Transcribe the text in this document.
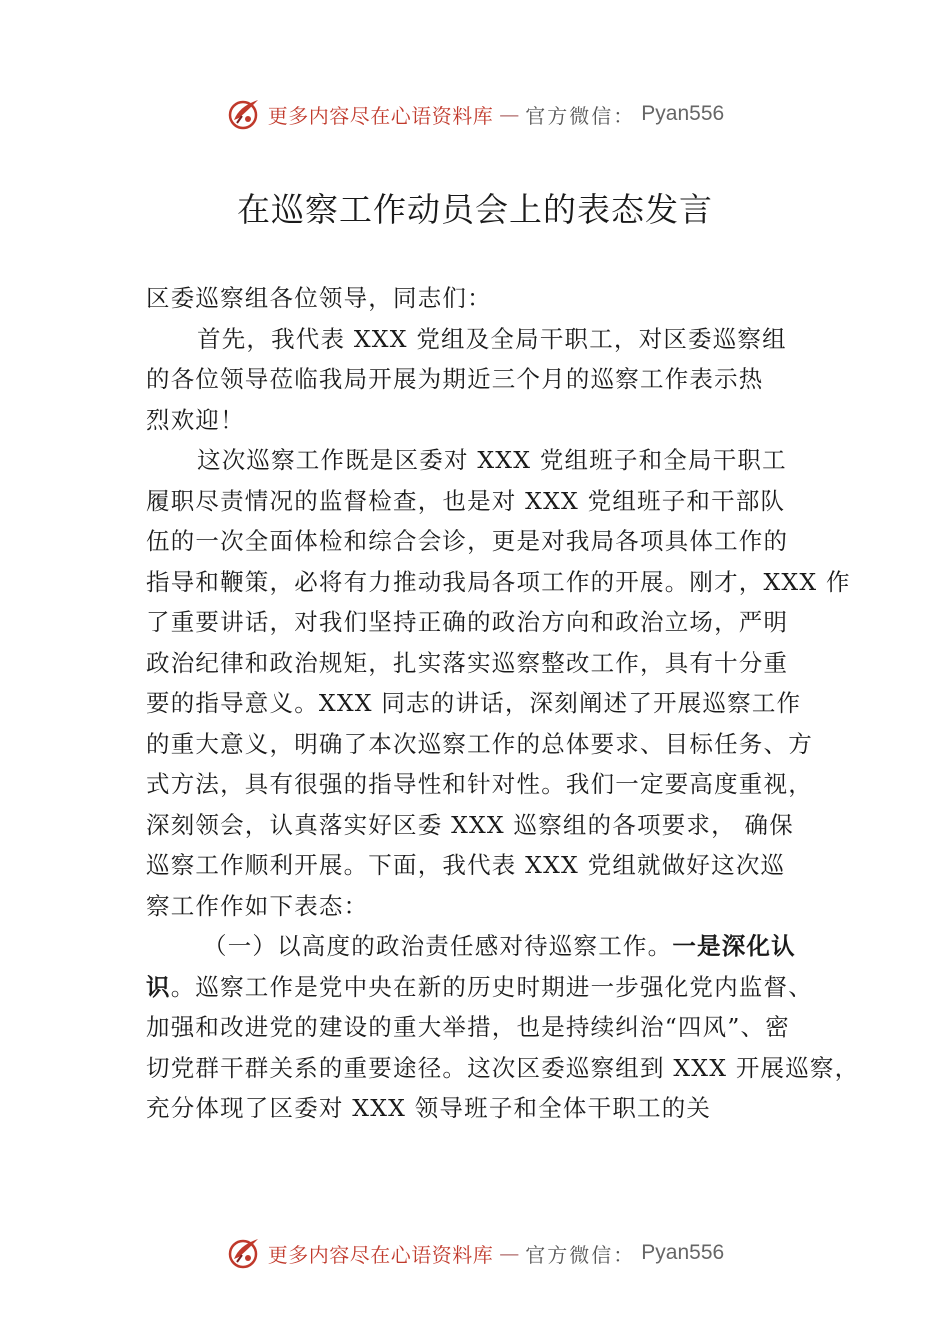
更多内容尽在心语资料库 — 官方微信： Pyan556
在巡察工作动员会上的表态发言
区委巡察组各位领导，同志们：
首先，我代表 XXX 党组及全局干职工，对区委巡察组
的各位领导莅临我局开展为期近三个月的巡察工作表示热
烈欢迎！
这次巡察工作既是区委对 XXX 党组班子和全局干职工
履职尽责情况的监督检查，也是对 XXX 党组班子和干部队
伍的一次全面体检和综合会诊，更是对我局各项具体工作的
指导和鞭策，必将有力推动我局各项工作的开展。刚才，XXX 作
了重要讲话，对我们坚持正确的政治方向和政治立场，严明
政治纪律和政治规矩，扎实落实巡察整改工作，具有十分重
要的指导意义。XXX 同志的讲话，深刻阐述了开展巡察工作
的重大意义，明确了本次巡察工作的总体要求、目标任务、方
式方法，具有很强的指导性和针对性。我们一定要高度重视，
深刻领会，认真落实好区委 XXX 巡察组的各项要求， 确保
巡察工作顺利开展。下面，我代表 XXX 党组就做好这次巡
察工作作如下表态：
（一）以高度的政治责任感对待巡察工作。一是深化认
识。巡察工作是党中央在新的历史时期进一步强化党内监督、
加强和改进党的建设的重大举措，也是持续纠治“四风”、密
切党群干群关系的重要途径。这次区委巡察组到 XXX 开展巡察，
充分体现了区委对 XXX 领导班子和全体干职工的关
更多内容尽在心语资料库 — 官方微信： Pyan556
